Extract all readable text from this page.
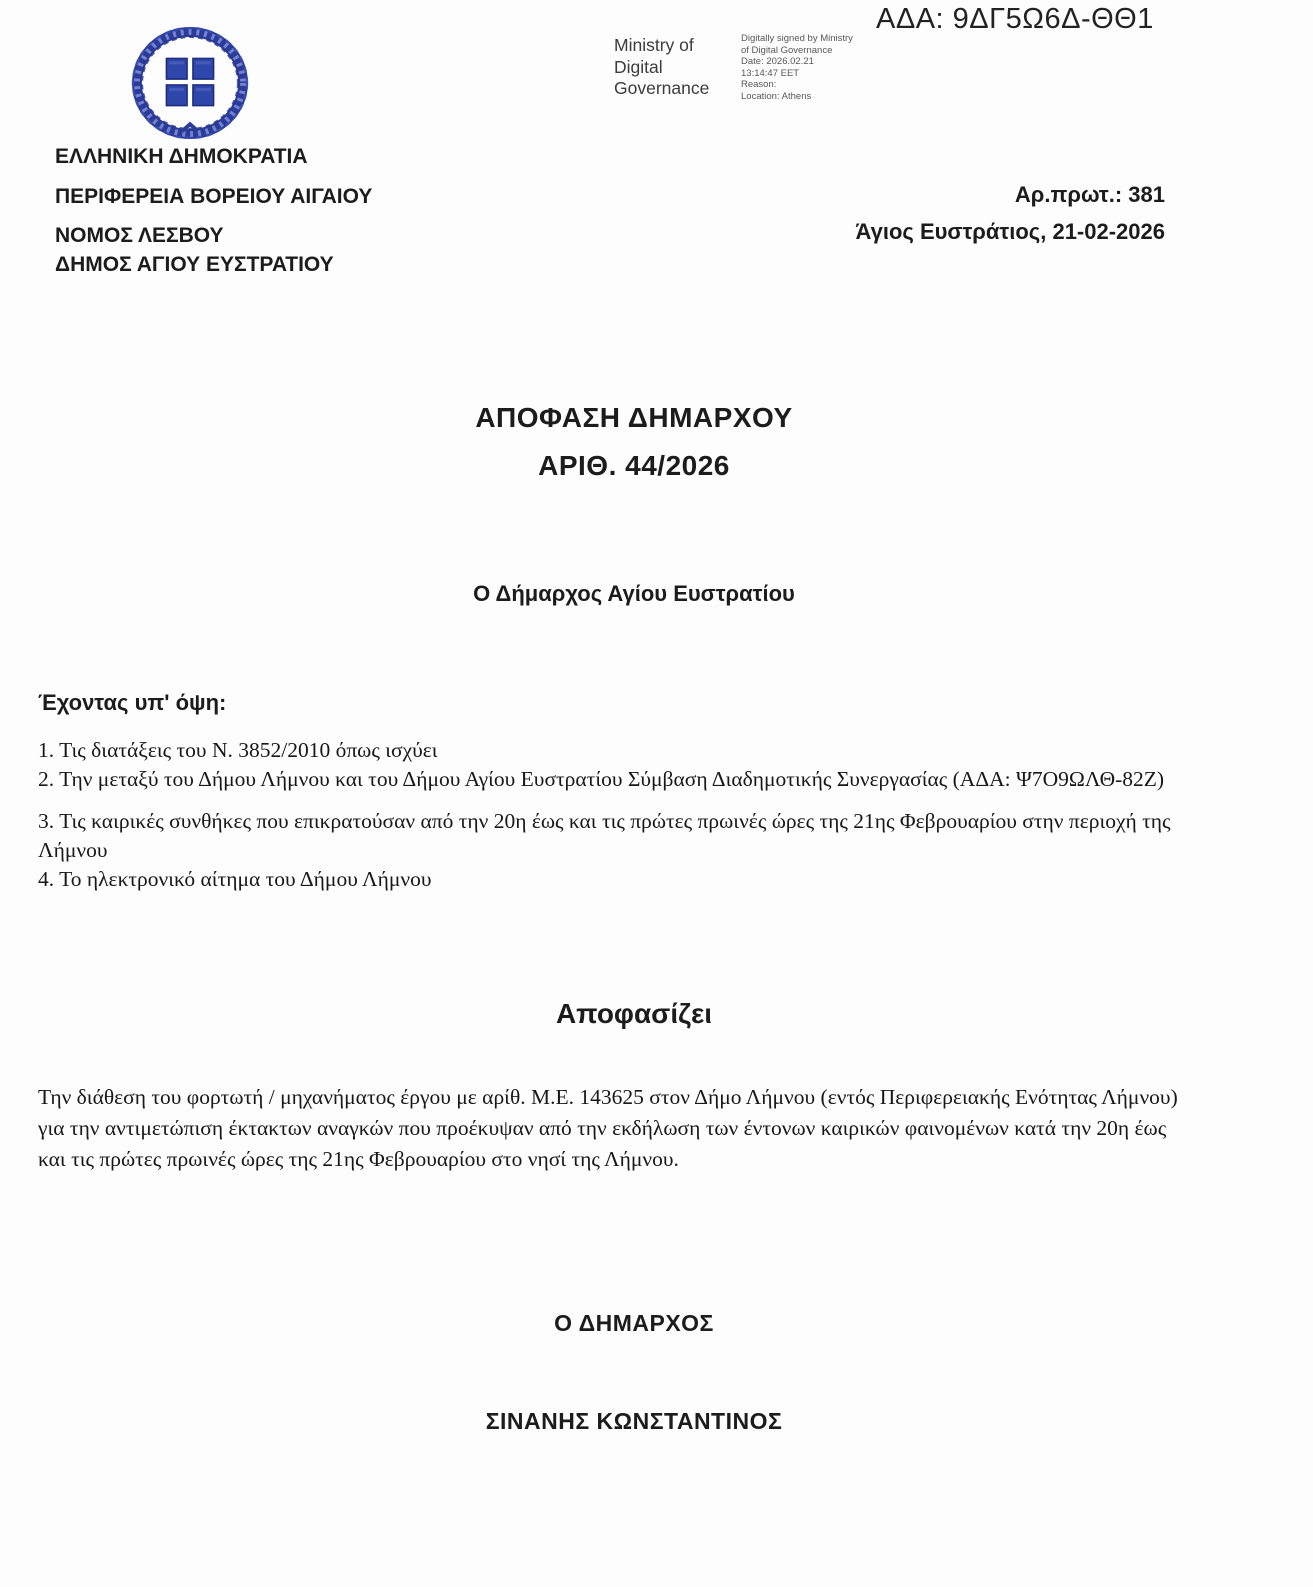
ΑΔΑ: 9ΔΓ5Ω6Δ-ΘΘ1
Ministry of
Digital
Governance
Digitally signed by Ministry
of Digital Governance
Date: 2026.02.21
13:14:47 EET
Reason:
Location: Athens
ΕΛΛΗΝΙΚΗ ΔΗΜΟΚΡΑΤΙΑ
ΠΕΡΙΦΕΡΕΙΑ ΒΟΡΕΙΟΥ ΑΙΓΑΙΟΥ
ΝΟΜΟΣ ΛΕΣΒΟΥ
ΔΗΜΟΣ ΑΓΙΟΥ ΕΥΣΤΡΑΤΙΟΥ
Αρ.πρωτ.: 381
Άγιος Ευστράτιος, 21-02-2026
ΑΠΟΦΑΣΗ ΔΗΜΑΡΧΟΥ
ΑΡΙΘ. 44/2026
Ο Δήμαρχος Αγίου Ευστρατίου
Έχοντας υπ' όψη:

1. Τις διατάξεις του Ν. 3852/2010 όπως ισχύει

2. Την μεταξύ του Δήμου Λήμνου και του Δήμου Αγίου Ευστρατίου Σύμβαση Διαδημοτικής Συνεργασίας (ΑΔΑ: Ψ7Ο9ΩΛΘ-82Ζ)

3. Τις καιρικές συνθήκες που επικρατούσαν από την 20η έως και τις πρώτες πρωινές ώρες της 21ης Φεβρουαρίου στην περιοχή της Λήμνου

4. Το ηλεκτρονικό αίτημα του Δήμου Λήμνου

Αποφασίζει

Την διάθεση του φορτωτή / μηχανήματος έργου με αρίθ. Μ.Ε. 143625 στον Δήμο Λήμνου (εντός Περιφερειακής Ενότητας Λήμνου) για την αντιμετώπιση έκτακτων αναγκών που προέκυψαν από την εκδήλωση των έντονων καιρικών φαινομένων κατά την 20η έως και τις πρώτες πρωινές ώρες της 21ης Φεβρουαρίου στο νησί της Λήμνου.

Ο ΔΗΜΑΡΧΟΣ
ΣΙΝΑΝΗΣ ΚΩΝΣΤΑΝΤΙΝΟΣ
